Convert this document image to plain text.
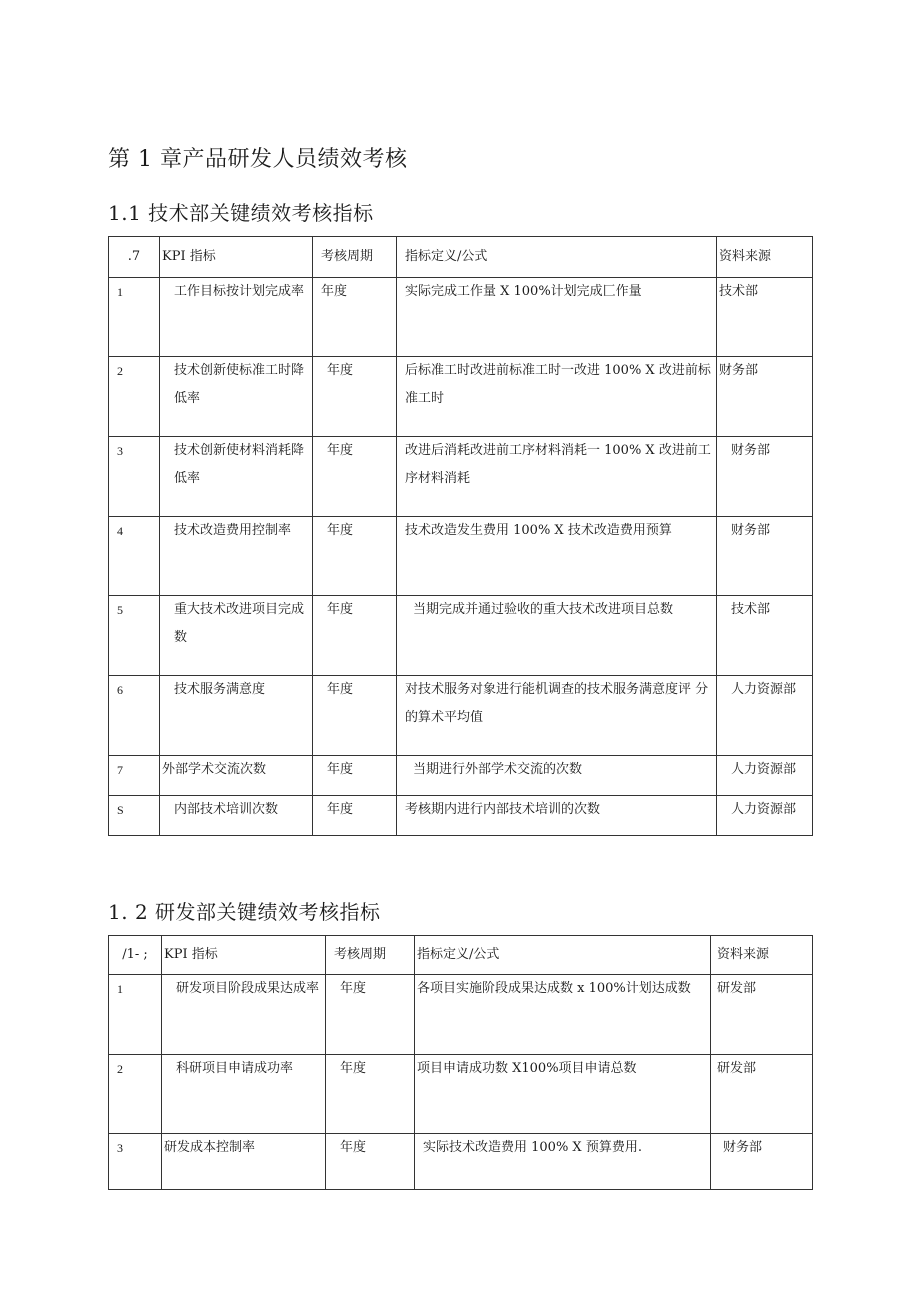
第 1 章产品研发人员绩效考核
1.1 技术部关键绩效考核指标
.7	KPI 指标	考核周期	指标定义/公式	资料来源
1	工作目标按计划完成率	年度	实际完成工作量 X 100%计划完成匚作量	技术部
2	技术创新使标准工时降低率	年度	后标准工时改进前标准工时一改进 100% X 改进前标准工时	财务部
3	技术创新使材料消耗降低率	年度	改进后消耗改进前工序材料消耗一 100% X 改进前工序材料消耗	财务部
4	技术改造费用控制率	年度	技术改造发生费用 100% X 技术改造费用预算	财务部
5	重大技术改进项目完成数	年度	当期完成并通过验收的重大技术改进项目总数	技术部
6	技术服务满意度	年度	对技术服务对象进行能机调查的技术服务满意度评 分的算术平均值	人力资源部
7	外部学术交流次数	年度	当期进行外部学术交流的次数	人力资源部
S	内部技术培训次数	年度	考核期内进行内部技术培训的次数	人力资源部
1. 2 研发部关键绩效考核指标
/1- ;	KPI 指标	考核周期	指标定义/公式	资料来源
1	研发项目阶段成果达成率	年度	各项目实施阶段成果达成数 x 100%计划达成数	研发部
2	科研项目申请成功率	年度	项目申请成功数 X100%项目申请总数	研发部
3	研发成本控制率	年度	实际技术改造费用 100% X 预算费用.	财务部
